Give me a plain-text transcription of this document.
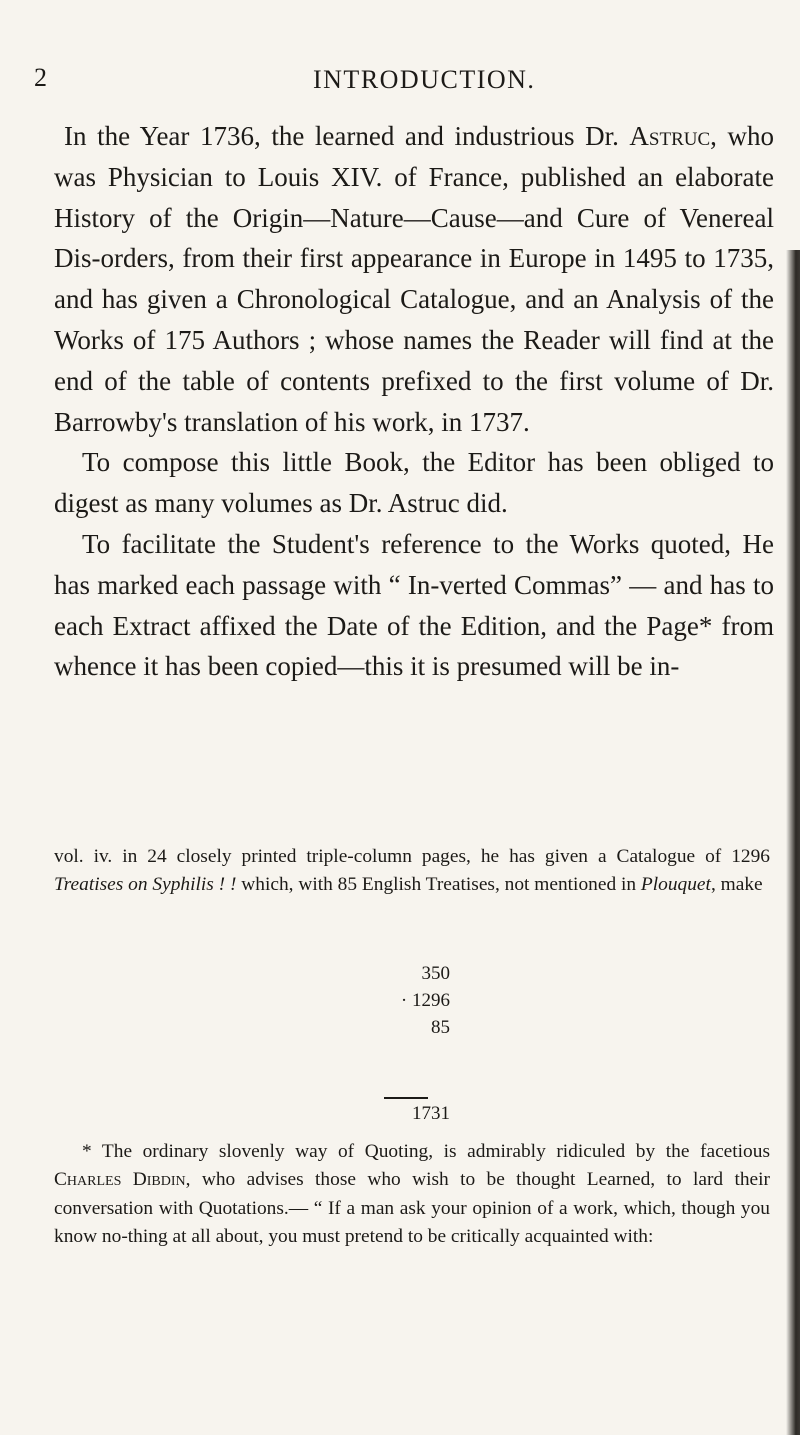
2	INTRODUCTION.

In the Year 1736, the learned and industrious Dr. Astruc, who was Physician to Louis XIV. of France, published an elaborate History of the Origin—Nature—Cause—and Cure of Venereal Dis-orders, from their first appearance in Europe in 1495 to 1735, and has given a Chronological Catalogue, and an Analysis of the Works of 175 Authors ; whose names the Reader will find at the end of the table of contents prefixed to the first volume of Dr. Barrowby's translation of his work, in 1737.

To compose this little Book, the Editor has been obliged to digest as many volumes as Dr. Astruc did.

To facilitate the Student's reference to the Works quoted, He has marked each passage with “ In-verted Commas” — and has to each Extract affixed the Date of the Edition, and the Page* from whence it has been copied—this it is presumed will be in-

vol. iv. in 24 closely printed triple-column pages, he has given a Catalogue of 1296 Treatises on Syphilis ! ! which, with 85 English Treatises, not mentioned in Plouquet, make

350
· 1296
85
1731

* The ordinary slovenly way of Quoting, is admirably ridiculed by the facetious Charles Dibdin, who advises those who wish to be thought Learned, to lard their conversation with Quotations.— “ If a man ask your opinion of a work, which, though you know no-thing at all about, you must pretend to be critically acquainted with:
